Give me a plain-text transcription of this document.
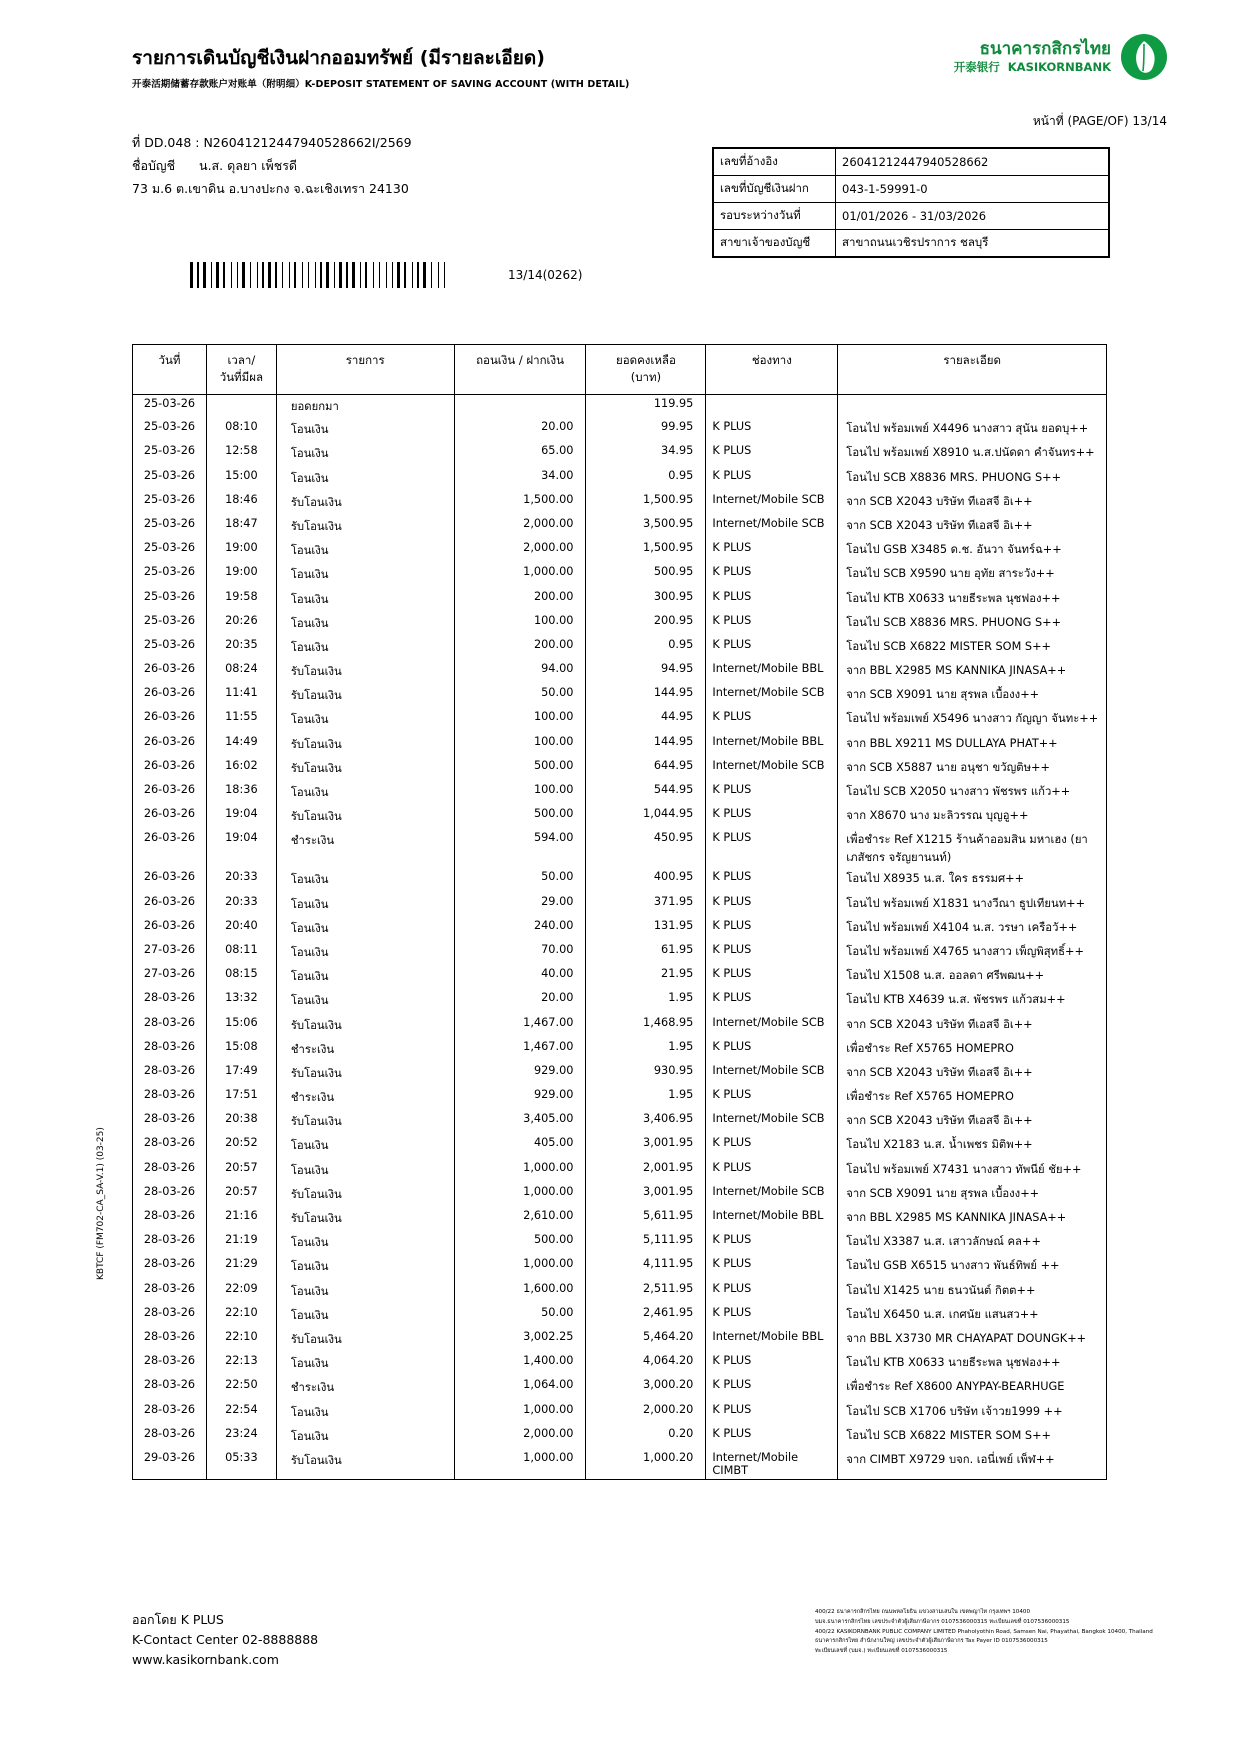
รายการเดินบัญชีเงินฝากออมทรัพย์ (มีรายละเอียด)
开泰活期储蓄存款账户对账单（附明细）K-DEPOSIT STATEMENT OF SAVING ACCOUNT (WITH DETAIL)
ธนาคารกสิกรไทย
开泰银行 KASIKORNBANK
หน้าที่ (PAGE/OF) 13/14
ที่ DD.048 : N26041212447940528662I/2569
ชื่อบัญชี น.ส. ดุลยา เพ็ชรดี
73 ม.6 ต.เขาดิน อ.บางปะกง จ.ฉะเชิงเทรา 24130
เลขที่อ้างอิง	26041212447940528662
เลขที่บัญชีเงินฝาก	043-1-59991-0
รอบระหว่างวันที่	01/01/2026 - 31/03/2026
สาขาเจ้าของบัญชี	สาขาถนนเวชิรปราการ ชลบุรี
13/14(0262)
วันที่	เวลา/
วันที่มีผล	รายการ	ถอนเงิน / ฝากเงิน	ยอดคงเหลือ
(บาท)	ช่องทาง	รายละเอียด
25-03-26		ยอดยกมา		119.95		
25-03-26	08:10	โอนเงิน	20.00	99.95	K PLUS	โอนไป พร้อมเพย์ X4496 นางสาว สุนัน ยอดบุ++
25-03-26	12:58	โอนเงิน	65.00	34.95	K PLUS	โอนไป พร้อมเพย์ X8910 น.ส.ปนัดดา คำจันทร++
25-03-26	15:00	โอนเงิน	34.00	0.95	K PLUS	โอนไป SCB X8836 MRS. PHUONG S++
25-03-26	18:46	รับโอนเงิน	1,500.00	1,500.95	Internet/Mobile SCB	จาก SCB X2043 บริษัท ทีเอสจี อิเ++
25-03-26	18:47	รับโอนเงิน	2,000.00	3,500.95	Internet/Mobile SCB	จาก SCB X2043 บริษัท ทีเอสจี อิเ++
25-03-26	19:00	โอนเงิน	2,000.00	1,500.95	K PLUS	โอนไป GSB X3485 ด.ช. อันวา จันทร์ฉ++
25-03-26	19:00	โอนเงิน	1,000.00	500.95	K PLUS	โอนไป SCB X9590 นาย อุทัย สาระวัง++
25-03-26	19:58	โอนเงิน	200.00	300.95	K PLUS	โอนไป KTB X0633 นายธีระพล นุชฟอง++
25-03-26	20:26	โอนเงิน	100.00	200.95	K PLUS	โอนไป SCB X8836 MRS. PHUONG S++
25-03-26	20:35	โอนเงิน	200.00	0.95	K PLUS	โอนไป SCB X6822 MISTER SOM S++
26-03-26	08:24	รับโอนเงิน	94.00	94.95	Internet/Mobile BBL	จาก BBL X2985 MS KANNIKA JINASA++
26-03-26	11:41	รับโอนเงิน	50.00	144.95	Internet/Mobile SCB	จาก SCB X9091 นาย สุรพล เบื้องง++
26-03-26	11:55	โอนเงิน	100.00	44.95	K PLUS	โอนไป พร้อมเพย์ X5496 นางสาว กัญญา จันทะ++
26-03-26	14:49	รับโอนเงิน	100.00	144.95	Internet/Mobile BBL	จาก BBL X9211 MS DULLAYA PHAT++
26-03-26	16:02	รับโอนเงิน	500.00	644.95	Internet/Mobile SCB	จาก SCB X5887 นาย อนุชา ขวัญติษ++
26-03-26	18:36	โอนเงิน	100.00	544.95	K PLUS	โอนไป SCB X2050 นางสาว พัชรพร แก้ว++
26-03-26	19:04	รับโอนเงิน	500.00	1,044.95	K PLUS	จาก X8670 นาง มะลิวรรณ บุญอู++
26-03-26	19:04	ชำระเงิน	594.00	450.95	K PLUS	เพื่อชำระ Ref X1215 ร้านค้าออมสิน มหาเฮง (ยาเภสัชกร จรัญยานนท์)
26-03-26	20:33	โอนเงิน	50.00	400.95	K PLUS	โอนไป X8935 น.ส. ใคร ธรรมศ++
26-03-26	20:33	โอนเงิน	29.00	371.95	K PLUS	โอนไป พร้อมเพย์ X1831 นางวีณา ธูปเทียนท++
26-03-26	20:40	โอนเงิน	240.00	131.95	K PLUS	โอนไป พร้อมเพย์ X4104 น.ส. วรษา เครือวั++
27-03-26	08:11	โอนเงิน	70.00	61.95	K PLUS	โอนไป พร้อมเพย์ X4765 นางสาว เพ็ญพิสุทธิ์++
27-03-26	08:15	โอนเงิน	40.00	21.95	K PLUS	โอนไป X1508 น.ส. ออลดา ศรีพฒน++
28-03-26	13:32	โอนเงิน	20.00	1.95	K PLUS	โอนไป KTB X4639 น.ส. พัชรพร แก้วสม++
28-03-26	15:06	รับโอนเงิน	1,467.00	1,468.95	Internet/Mobile SCB	จาก SCB X2043 บริษัท ทีเอสจี อิเ++
28-03-26	15:08	ชำระเงิน	1,467.00	1.95	K PLUS	เพื่อชำระ Ref X5765 HOMEPRO
28-03-26	17:49	รับโอนเงิน	929.00	930.95	Internet/Mobile SCB	จาก SCB X2043 บริษัท ทีเอสจี อิเ++
28-03-26	17:51	ชำระเงิน	929.00	1.95	K PLUS	เพื่อชำระ Ref X5765 HOMEPRO
28-03-26	20:38	รับโอนเงิน	3,405.00	3,406.95	Internet/Mobile SCB	จาก SCB X2043 บริษัท ทีเอสจี อิเ++
28-03-26	20:52	โอนเงิน	405.00	3,001.95	K PLUS	โอนไป X2183 น.ส. น้ำเพชร มิติพ++
28-03-26	20:57	โอนเงิน	1,000.00	2,001.95	K PLUS	โอนไป พร้อมเพย์ X7431 นางสาว ทัพนีย์ ชัย++
28-03-26	20:57	รับโอนเงิน	1,000.00	3,001.95	Internet/Mobile SCB	จาก SCB X9091 นาย สุรพล เบื้องง++
28-03-26	21:16	รับโอนเงิน	2,610.00	5,611.95	Internet/Mobile BBL	จาก BBL X2985 MS KANNIKA JINASA++
28-03-26	21:19	โอนเงิน	500.00	5,111.95	K PLUS	โอนไป X3387 น.ส. เสาวลักษณ์ คล++
28-03-26	21:29	โอนเงิน	1,000.00	4,111.95	K PLUS	โอนไป GSB X6515 นางสาว พันธ์ทิพย์ ++
28-03-26	22:09	โอนเงิน	1,600.00	2,511.95	K PLUS	โอนไป X1425 นาย ธนวนันต์ กิตต++
28-03-26	22:10	โอนเงิน	50.00	2,461.95	K PLUS	โอนไป X6450 น.ส. เกศนัย แสนสว++
28-03-26	22:10	รับโอนเงิน	3,002.25	5,464.20	Internet/Mobile BBL	จาก BBL X3730 MR CHAYAPAT DOUNGK++
28-03-26	22:13	โอนเงิน	1,400.00	4,064.20	K PLUS	โอนไป KTB X0633 นายธีระพล นุชฟอง++
28-03-26	22:50	ชำระเงิน	1,064.00	3,000.20	K PLUS	เพื่อชำระ Ref X8600 ANYPAY-BEARHUGE
28-03-26	22:54	โอนเงิน	1,000.00	2,000.20	K PLUS	โอนไป SCB X1706 บริษัท เจ้าวย1999 ++
28-03-26	23:24	โอนเงิน	2,000.00	0.20	K PLUS	โอนไป SCB X6822 MISTER SOM S++
29-03-26	05:33	รับโอนเงิน	1,000.00	1,000.20	Internet/Mobile CIMBT	จาก CIMBT X9729 บจก. เอนี่เพย์ เพ็ฬ++
ออกโดย K PLUS
K-Contact Center 02-8888888
www.kasikornbank.com
400/22 ธนาคารกสิกรไทย ถนนพหลโยธิน แขวงสามเสนใน เขตพญาไท กรุงเทพฯ 10400
บมจ.ธนาคารกสิกรไทย เลขประจำตัวผู้เสียภาษีอากร 0107536000315 ทะเบียนเลขที่ 0107536000315
400/22 KASIKORNBANK PUBLIC COMPANY LIMITED Phaholyothin Road, Samsen Nai, Phayathai, Bangkok 10400, Thailand
ธนาคารกสิกรไทย สำนักงานใหญ่ เลขประจำตัวผู้เสียภาษีอากร Tax Payer ID 0107536000315
ทะเบียนเลขที่ (บมจ.) ทะเบียนเลขที่ 0107536000315
KBTCF (FM702-CA_SA-V.1) (03-25)
